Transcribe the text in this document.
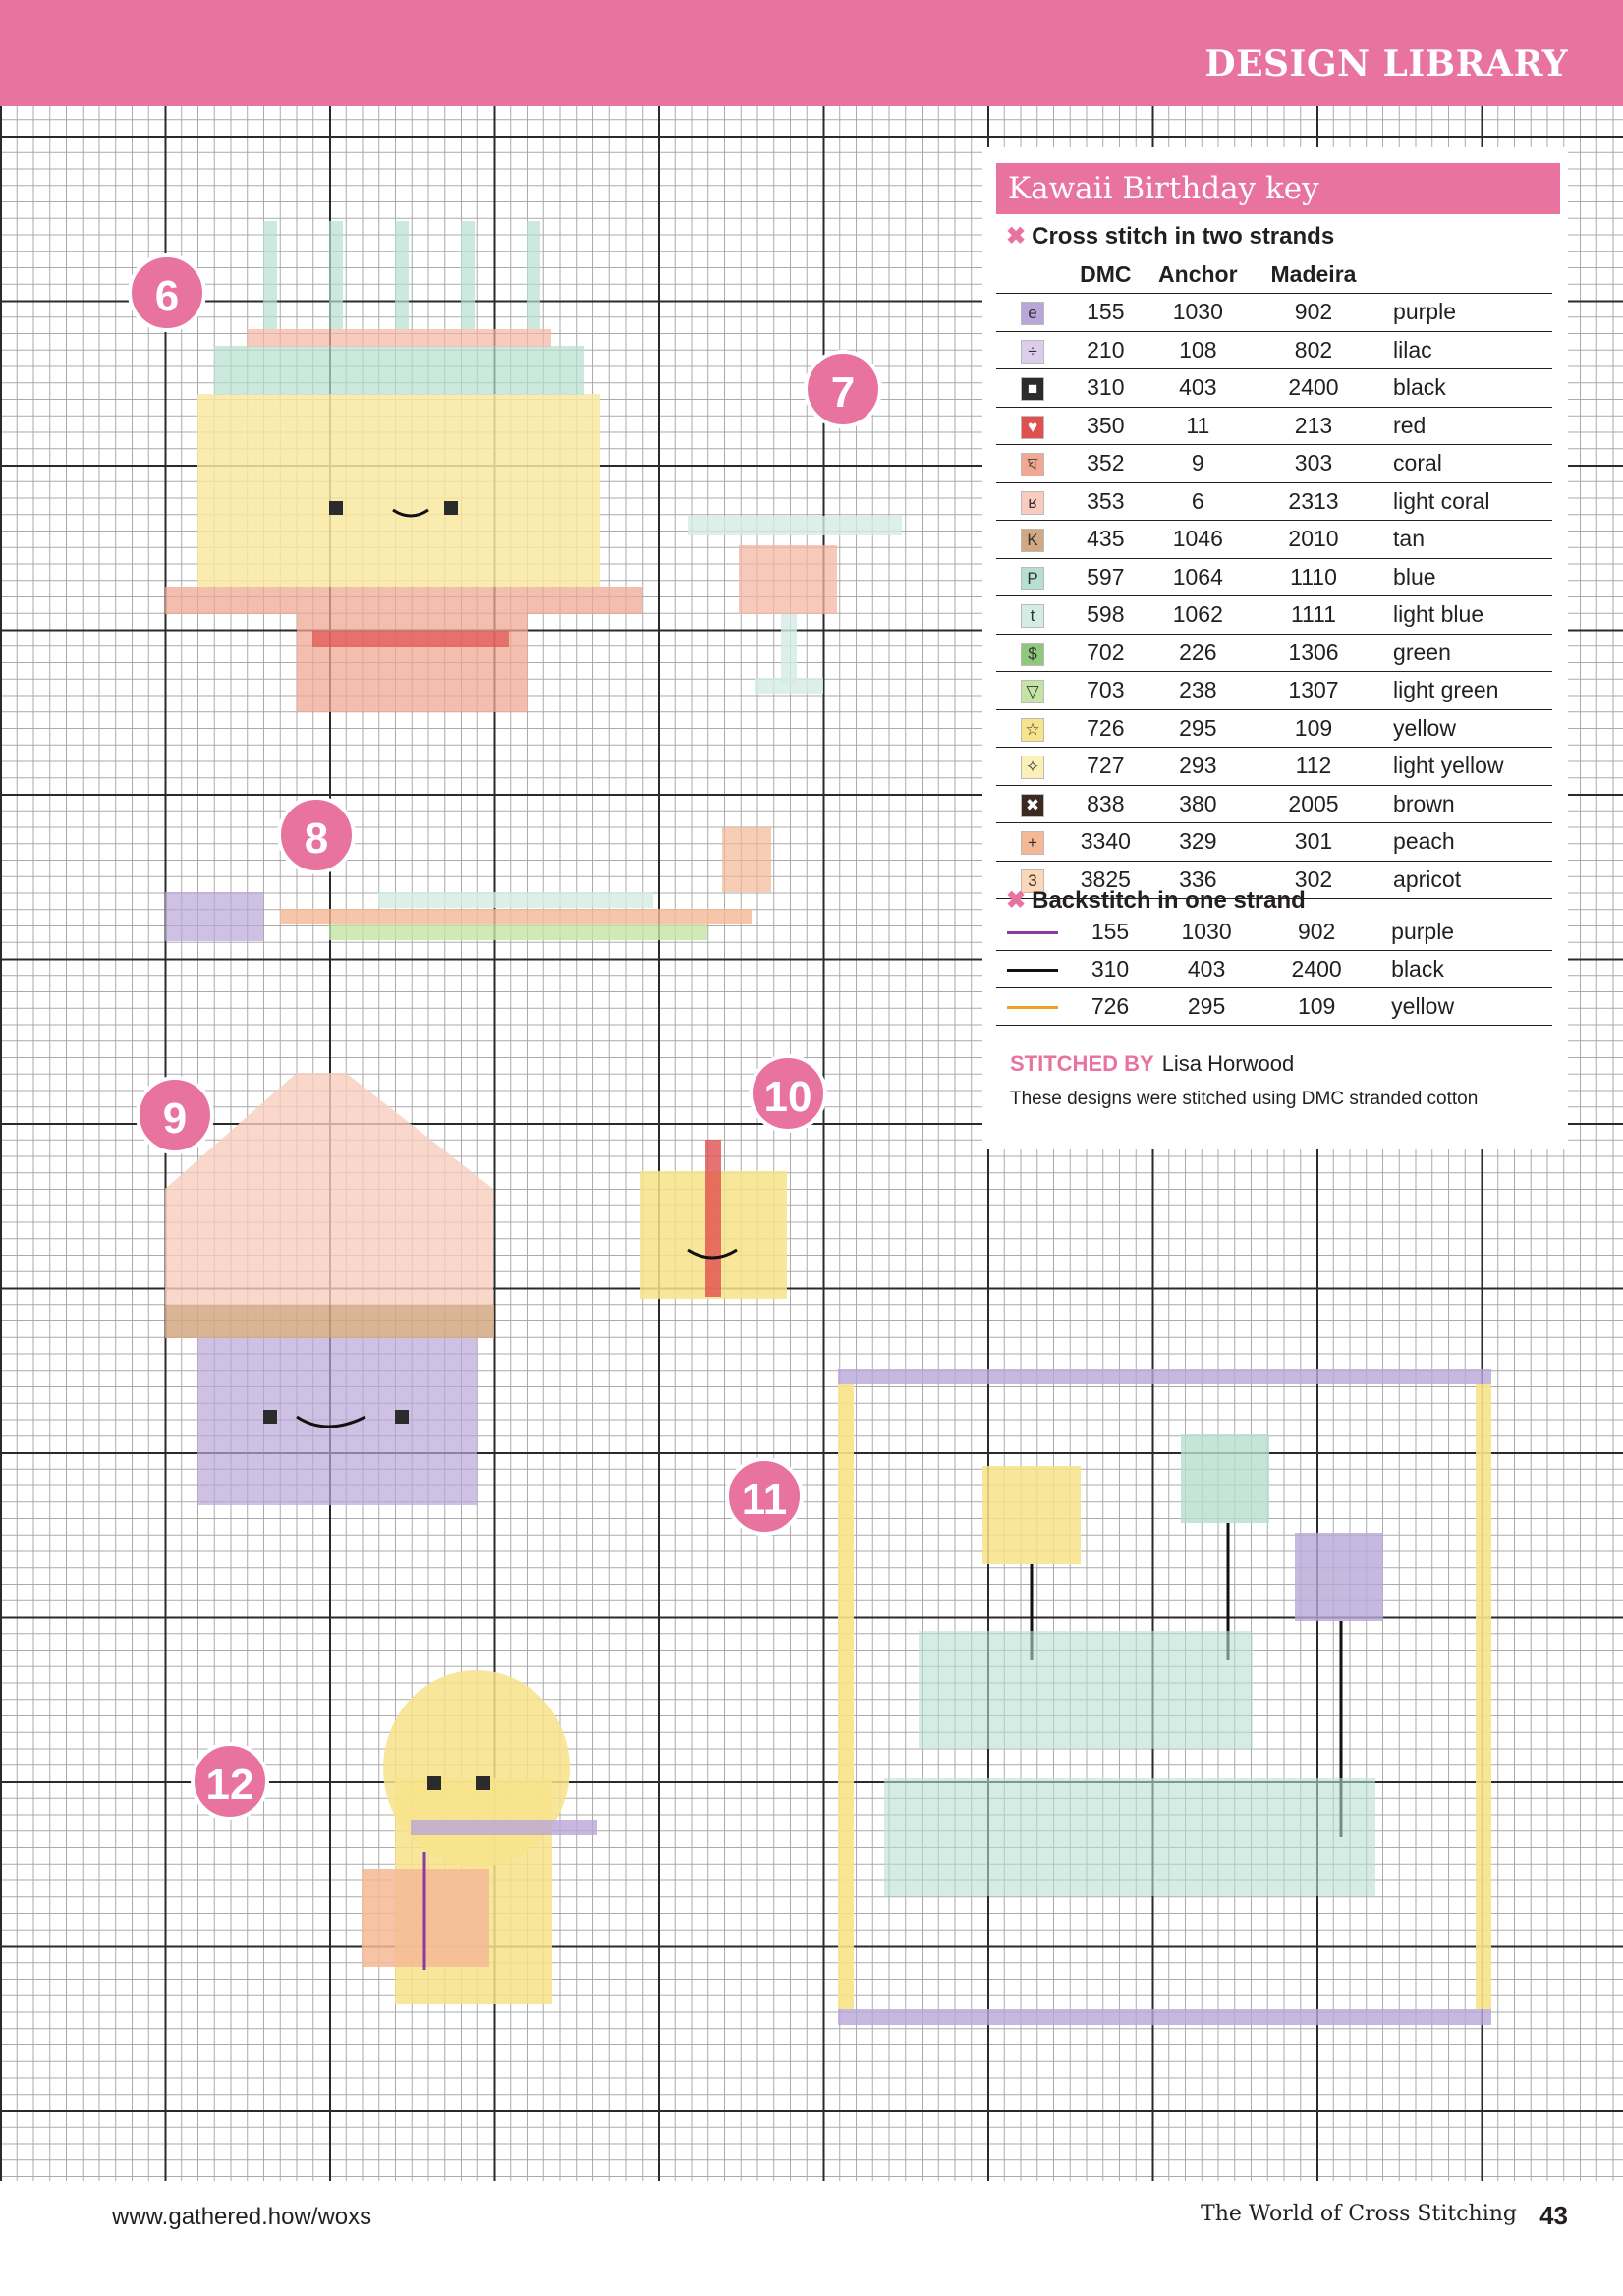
DESIGN LIBRARY
6
7
8
9	10
11
12
Kawaii Birthday key
✖ Cross stitch in two strands
	DMC	Anchor	Madeira	
e	155	1030	902	purple
÷	210	108	802	lilac
■	310	403	2400	black
♥	350	11	213	red
ঘ	352	9	303	coral
ʁ	353	6	2313	light coral
K	435	1046	2010	tan
P	597	1064	1110	blue
t	598	1062	1111	light blue
$	702	226	1306	green
▽	703	238	1307	light green
☆	726	295	109	yellow
✧	727	293	112	light yellow
✖	838	380	2005	brown
+	3340	329	301	peach
3	3825	336	302	apricot
✖ Backstitch in one strand
	155	1030	902	purple
	310	403	2400	black
	726	295	109	yellow
STITCHED BY Lisa Horwood
These designs were stitched using DMC stranded cotton
www.gathered.how/woxs	The World of Cross Stitching 43
